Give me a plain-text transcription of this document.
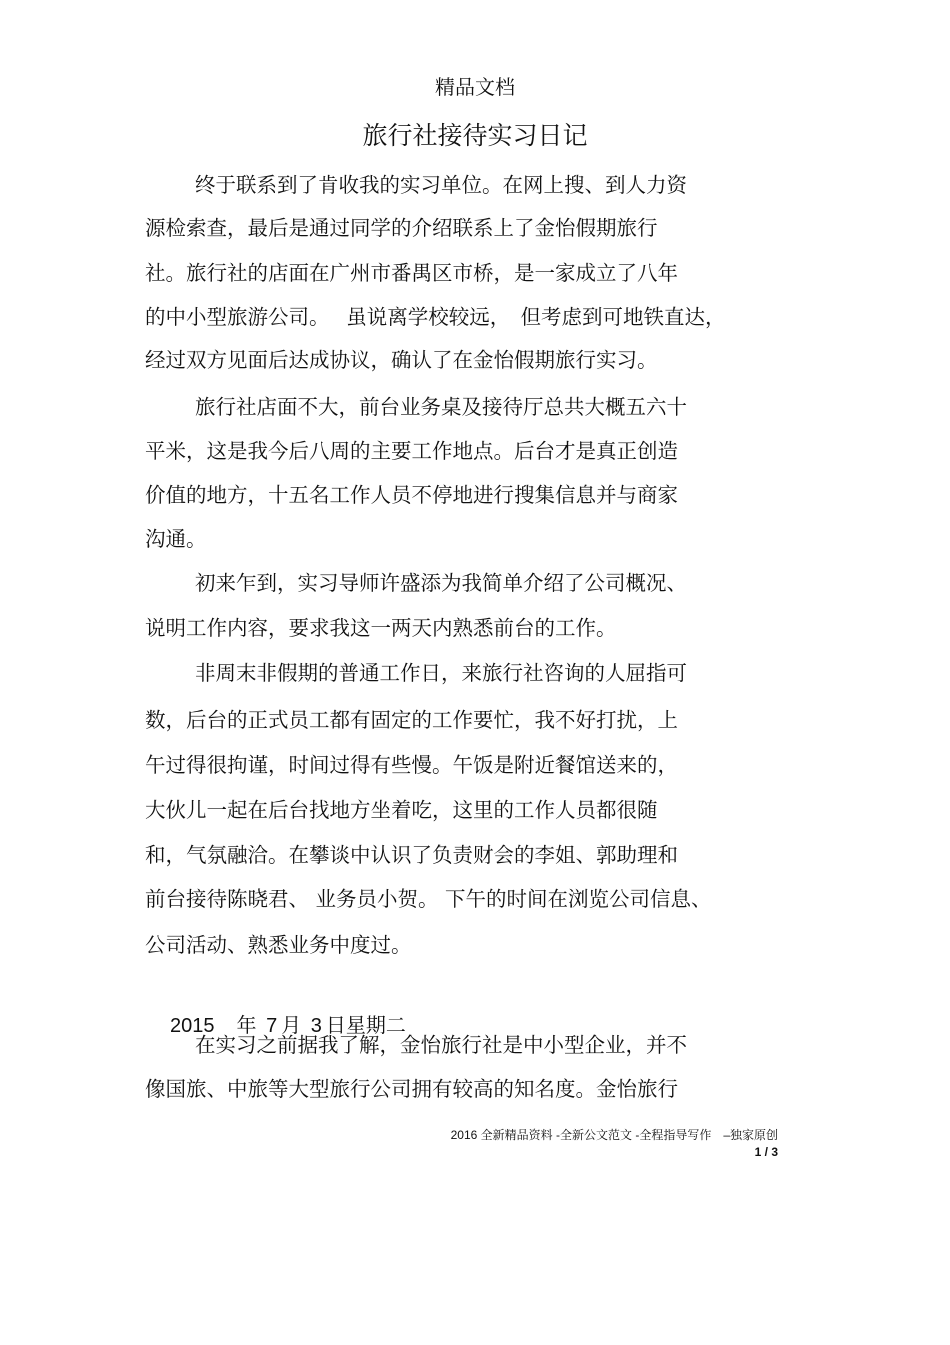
精品文档
旅行社接待实习日记
终于联系到了肯收我的实习单位。在网上搜、到人力资
源检索查，最后是通过同学的介绍联系上了金怡假期旅行
社。旅行社的店面在广州市番禺区市桥，是一家成立了八年
的中小型旅游公司。　 虽说离学校较远，　但考虑到可地铁直达，
经过双方见面后达成协议，确认了在金怡假期旅行实习。
旅行社店面不大，前台业务桌及接待厅总共大概五六十
平米，这是我今后八周的主要工作地点。后台才是真正创造
价值的地方，十五名工作人员不停地进行搜集信息并与商家
沟通。
初来乍到，实习导师许盛添为我简单介绍了公司概况、
说明工作内容，要求我这一两天内熟悉前台的工作。
非周末非假期的普通工作日，来旅行社咨询的人屈指可
数，后台的正式员工都有固定的工作要忙，我不好打扰，上
午过得很拘谨，时间过得有些慢。午饭是附近餐馆送来的，
大伙儿一起在后台找地方坐着吃，这里的工作人员都很随
和，气氛融洽。在攀谈中认识了负责财会的李姐、郭助理和
前台接待陈晓君、 业务员小贺。 下午的时间在浏览公司信息、
公司活动、熟悉业务中度过。
2015 年 7 月 3 日星期二
在实习之前据我了解，金怡旅行社是中小型企业，并不
像国旅、中旅等大型旅行公司拥有较高的知名度。金怡旅行
2016 全新精品资料 -全新公文范文 -全程指导写作　–独家原创
1 / 3
